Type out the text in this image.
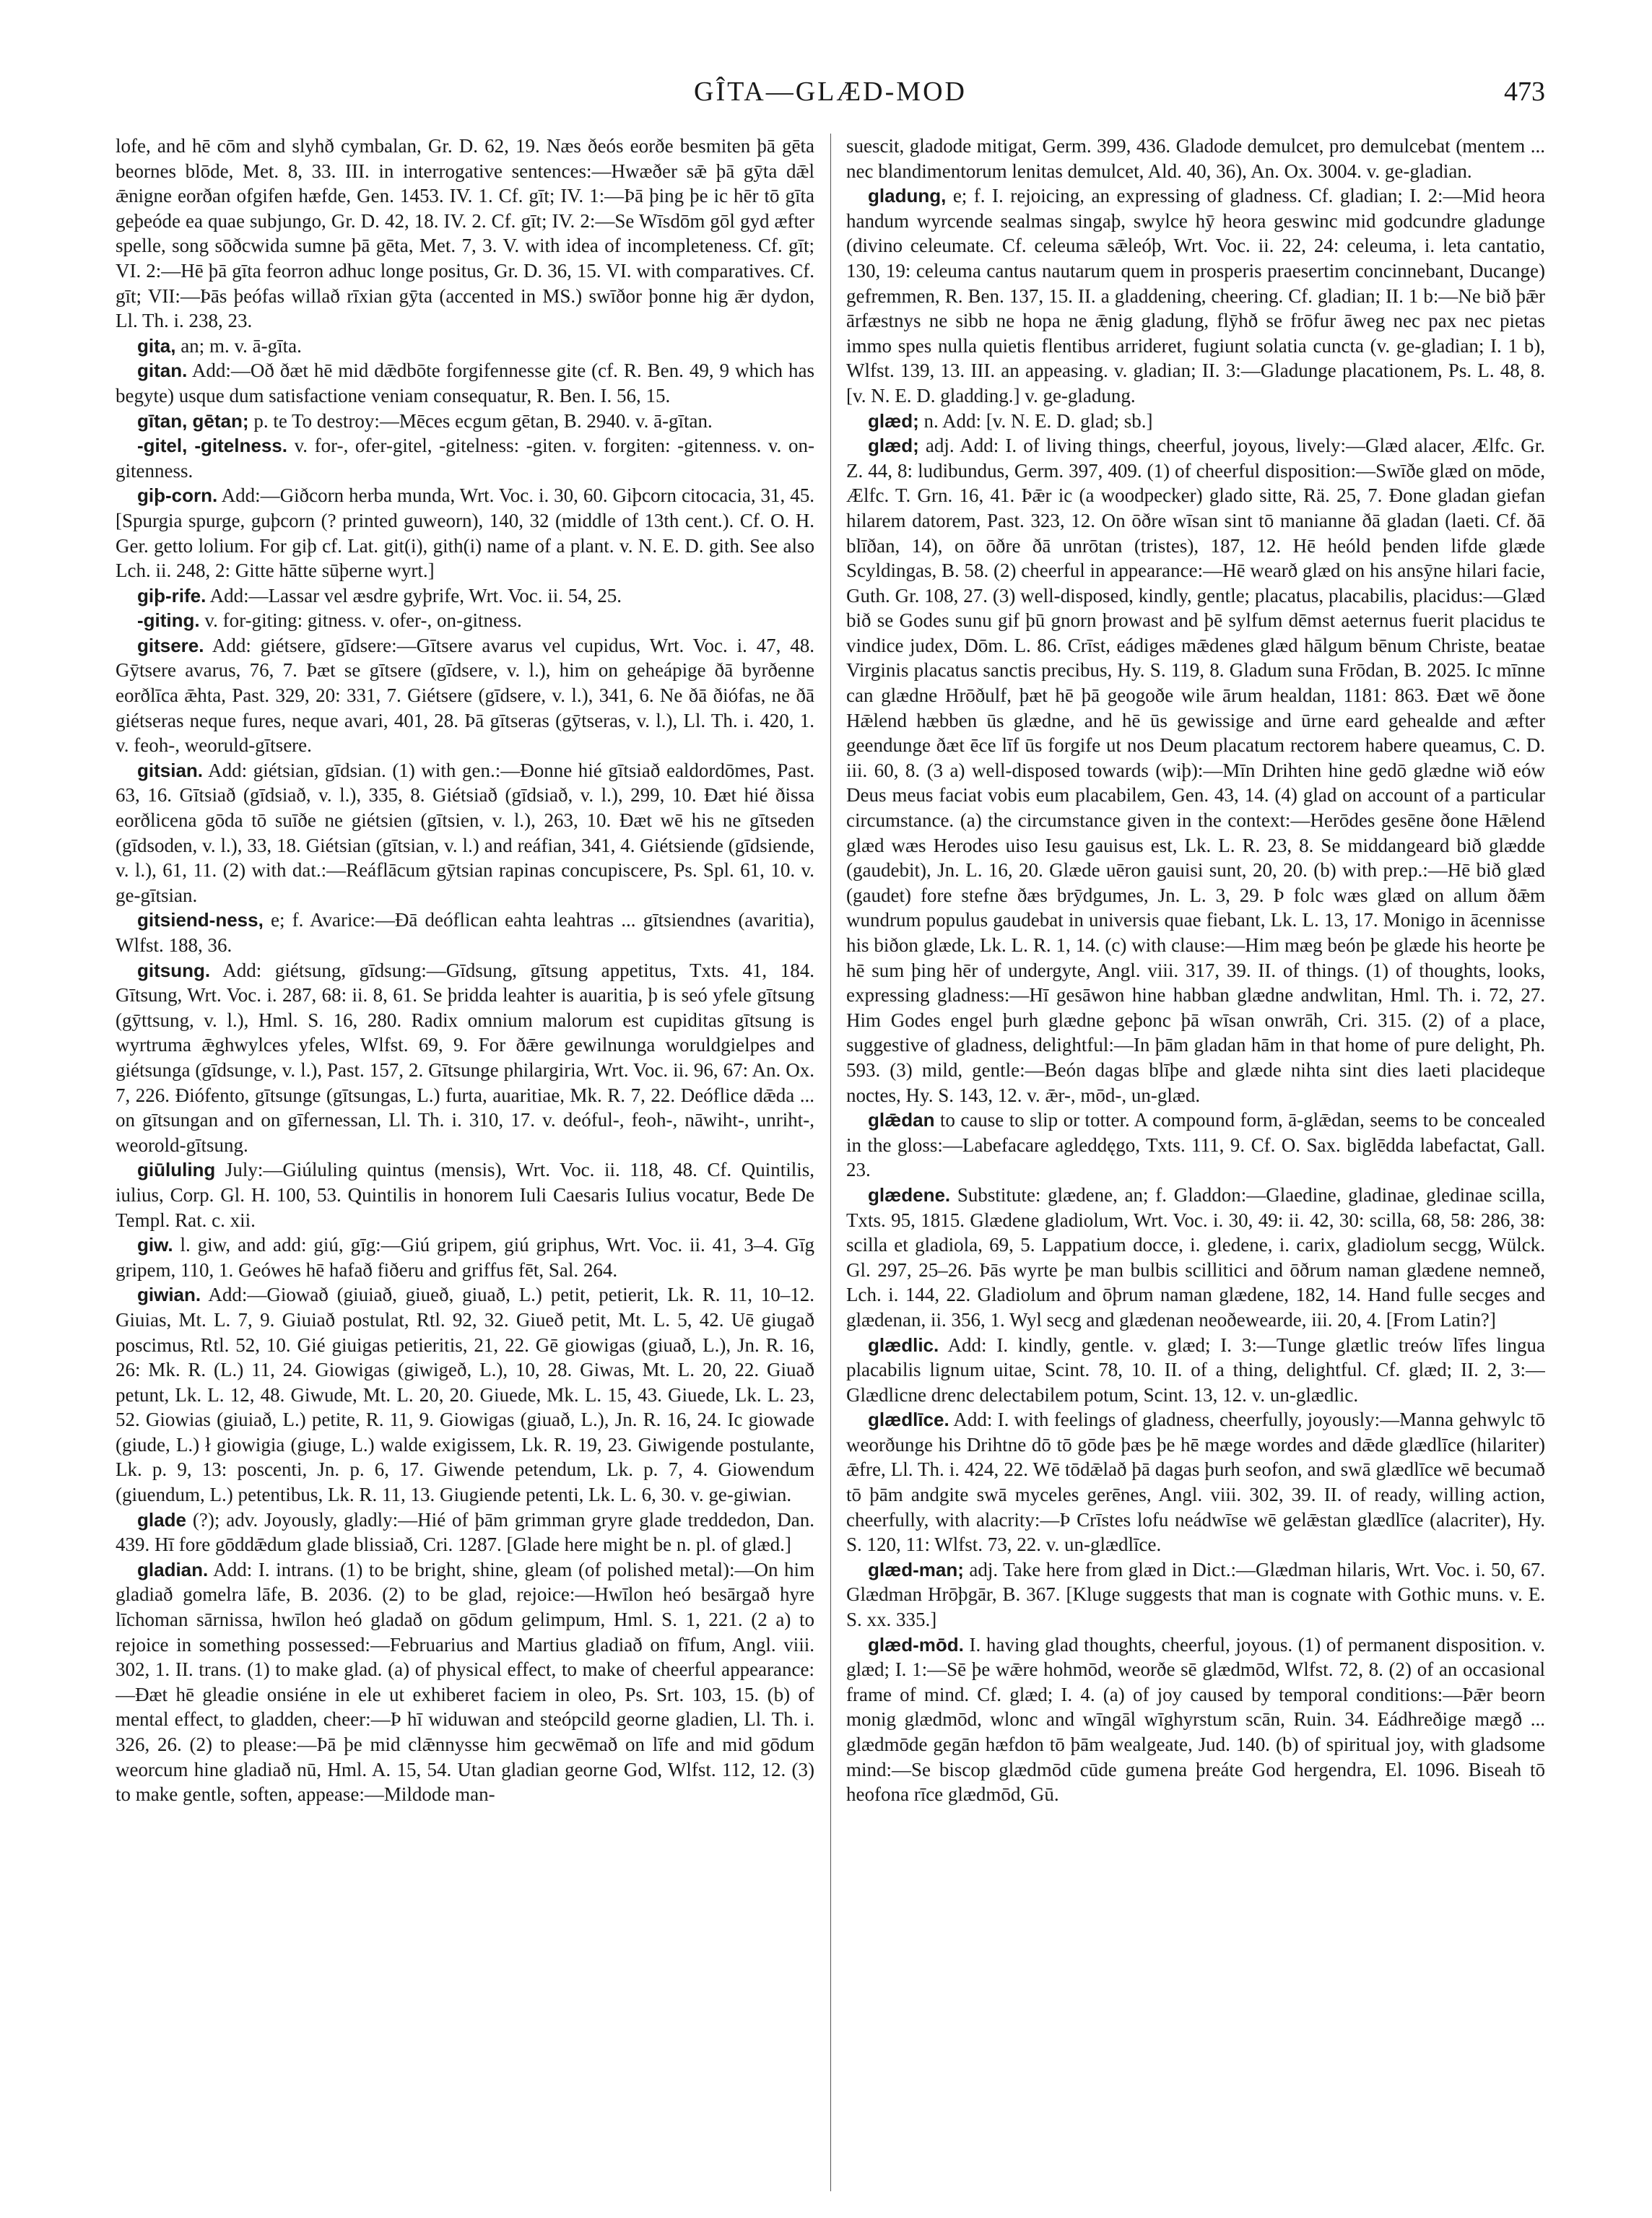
GÎTA—GLÆD-MOD	473

lofe, and hē cōm and slyhð cymbalan, Gr. D. 62, 19. Næs ðeós eorðe besmiten þā gēta beornes blōde, Met. 8, 33. III. in interrogative sentences:—Hwæðer sǣ þā gȳta dǣl ǣnigne eorðan ofgifen hæfde, Gen. 1453. IV. 1. Cf. gīt; IV. 1:—Þā þing þe ic hēr tō gīta geþeóde ea quae subjungo, Gr. D. 42, 18. IV. 2. Cf. gīt; IV. 2:—Se Wīsdōm gōl gyd æfter spelle, song sōðcwida sumne þā gēta, Met. 7, 3. V. with idea of incompleteness. Cf. gīt; VI. 2:—Hē þā gīta feorron adhuc longe positus, Gr. D. 36, 15. VI. with comparatives. Cf. gīt; VII:—Þās þeófas willað rīxian gȳta (accented in MS.) swīðor þonne hig ǣr dydon, Ll. Th. i. 238, 23.

gita, an; m. v. ā-gīta.

gitan. Add:—Oð ðæt hē mid dǣdbōte forgifennesse gite (cf. R. Ben. 49, 9 which has begyte) usque dum satisfactione veniam consequatur, R. Ben. I. 56, 15.

gītan, gētan; p. te To destroy:—Mēces ecgum gētan, B. 2940. v. ā-gītan.

-gitel, -gitelness. v. for-, ofer-gitel, -gitelness: -giten. v. forgiten: -gitenness. v. on-gitenness.

giþ-corn. Add:—Giðcorn herba munda, Wrt. Voc. i. 30, 60. Giþcorn citocacia, 31, 45. [Spurgia spurge, guþcorn (? printed guweorn), 140, 32 (middle of 13th cent.). Cf. O. H. Ger. getto lolium. For giþ cf. Lat. git(i), gith(i) name of a plant. v. N. E. D. gith. See also Lch. ii. 248, 2: Gitte hātte sūþerne wyrt.]

giþ-rife. Add:—Lassar vel æsdre gyþrife, Wrt. Voc. ii. 54, 25.

-giting. v. for-giting: gitness. v. ofer-, on-gitness.

gitsere. Add: giétsere, gīdsere:—Gītsere avarus vel cupidus, Wrt. Voc. i. 47, 48. Gȳtsere avarus, 76, 7. Þæt se gītsere (gīdsere, v. l.), him on geheápige ðā byrðenne eorðlīca ǣhta, Past. 329, 20: 331, 7. Giétsere (gīdsere, v. l.), 341, 6. Ne ðā ðiófas, ne ðā giétseras neque fures, neque avari, 401, 28. Þā gītseras (gȳtseras, v. l.), Ll. Th. i. 420, 1. v. feoh-, weoruld-gītsere.

gitsian. Add: giétsian, gīdsian. (1) with gen.:—Ðonne hié gītsiað ealdordōmes, Past. 63, 16. Gītsiað (gīdsiað, v. l.), 335, 8. Giétsiað (gīdsiað, v. l.), 299, 10. Ðæt hié ðissa eorðlicena gōda tō suīðe ne giétsien (gītsien, v. l.), 263, 10. Ðæt wē his ne gītseden (gīdsoden, v. l.), 33, 18. Giétsian (gītsian, v. l.) and reáfian, 341, 4. Giétsiende (gīdsiende, v. l.), 61, 11. (2) with dat.:—Reáflācum gȳtsian rapinas concupiscere, Ps. Spl. 61, 10. v. ge-gītsian.

gitsiend-ness, e; f. Avarice:—Ðā deóflican eahta leahtras ... gītsiendnes (avaritia), Wlfst. 188, 36.

gitsung. Add: giétsung, gīdsung:—Gīdsung, gītsung appetitus, Txts. 41, 184. Gītsung, Wrt. Voc. i. 287, 68: ii. 8, 61. Se þridda leahter is auaritia, þ is seó yfele gītsung (gȳttsung, v. l.), Hml. S. 16, 280. Radix omnium malorum est cupiditas gītsung is wyrtruma ǣghwylces yfeles, Wlfst. 69, 9. For ðǣre gewilnunga woruldgielpes and giétsunga (gīdsunge, v. l.), Past. 157, 2. Gītsunge philargiria, Wrt. Voc. ii. 96, 67: An. Ox. 7, 226. Ðiófento, gītsunge (gītsungas, L.) furta, auaritiae, Mk. R. 7, 22. Deóflice dǣda ... on gītsungan and on gīfernessan, Ll. Th. i. 310, 17. v. deóful-, feoh-, nāwiht-, unriht-, weorold-gītsung.

giūluling July:—Giúluling quintus (mensis), Wrt. Voc. ii. 118, 48. Cf. Quintilis, iulius, Corp. Gl. H. 100, 53. Quintilis in honorem Iuli Caesaris Iulius vocatur, Bede De Templ. Rat. c. xii.

giw. l. giw, and add: giú, gīg:—Giú gripem, giú griphus, Wrt. Voc. ii. 41, 3–4. Gīg gripem, 110, 1. Geówes hē hafað fiðeru and griffus fēt, Sal. 264.

giwian. Add:—Giowað (giuiað, giueð, giuað, L.) petit, petierit, Lk. R. 11, 10–12. Giuias, Mt. L. 7, 9. Giuiað postulat, Rtl. 92, 32. Giueð petit, Mt. L. 5, 42. Uē giugað poscimus, Rtl. 52, 10. Gié giuigas petieritis, 21, 22. Gē giowigas (giuað, L.), Jn. R. 16, 26: Mk. R. (L.) 11, 24. Giowigas (giwigeð, L.), 10, 28. Giwas, Mt. L. 20, 22. Giuað petunt, Lk. L. 12, 48. Giwude, Mt. L. 20, 20. Giuede, Mk. L. 15, 43. Giuede, Lk. L. 23, 52. Giowias (giuiað, L.) petite, R. 11, 9. Giowigas (giuað, L.), Jn. R. 16, 24. Ic giowade (giude, L.) ł giowigia (giuge, L.) walde exigissem, Lk. R. 19, 23. Giwigende postulante, Lk. p. 9, 13: poscenti, Jn. p. 6, 17. Giwende petendum, Lk. p. 7, 4. Giowendum (giuendum, L.) petentibus, Lk. R. 11, 13. Giugiende petenti, Lk. L. 6, 30. v. ge-giwian.

glade (?); adv. Joyously, gladly:—Hié of þām grimman gryre glade treddedon, Dan. 439. Hī fore gōddǣdum glade blissiað, Cri. 1287. [Glade here might be n. pl. of glæd.]

gladian. Add: I. intrans. (1) to be bright, shine, gleam (of polished metal):—On him gladiað gomelra lāfe, B. 2036. (2) to be glad, rejoice:—Hwīlon heó besārgað hyre līchoman sārnissa, hwīlon heó gladað on gōdum gelimpum, Hml. S. 1, 221. (2 a) to rejoice in something possessed:—Februarius and Martius gladiað on fīfum, Angl. viii. 302, 1. II. trans. (1) to make glad. (a) of physical effect, to make of cheerful appearance:—Ðæt hē gleadie onsiéne in ele ut exhiberet faciem in oleo, Ps. Srt. 103, 15. (b) of mental effect, to gladden, cheer:—Þ hī widuwan and steópcild georne gladien, Ll. Th. i. 326, 26. (2) to please:—Þā þe mid clǣnnysse him gecwēmað on līfe and mid gōdum weorcum hine gladiað nū, Hml. A. 15, 54. Utan gladian georne God, Wlfst. 112, 12. (3) to make gentle, soften, appease:—Mildode man-

suescit, gladode mitigat, Germ. 399, 436. Gladode demulcet, pro demulcebat (mentem ... nec blandimentorum lenitas demulcet, Ald. 40, 36), An. Ox. 3004. v. ge-gladian.

gladung, e; f. I. rejoicing, an expressing of gladness. Cf. gladian; I. 2:—Mid heora handum wyrcende sealmas singaþ, swylce hȳ heora geswinc mid godcundre gladunge (divino celeumate. Cf. celeuma sǣleóþ, Wrt. Voc. ii. 22, 24: celeuma, i. leta cantatio, 130, 19: celeuma cantus nautarum quem in prosperis praesertim concinnebant, Ducange) gefremmen, R. Ben. 137, 15. II. a gladdening, cheering. Cf. gladian; II. 1 b:—Ne bið þǣr ārfæstnys ne sibb ne hopa ne ǣnig gladung, flȳhð se frōfur āweg nec pax nec pietas immo spes nulla quietis flentibus arrideret, fugiunt solatia cuncta (v. ge-gladian; I. 1 b), Wlfst. 139, 13. III. an appeasing. v. gladian; II. 3:—Gladunge placationem, Ps. L. 48, 8. [v. N. E. D. gladding.] v. ge-gladung.

glæd; n. Add: [v. N. E. D. glad; sb.]

glæd; adj. Add: I. of living things, cheerful, joyous, lively:—Glæd alacer, Ælfc. Gr. Z. 44, 8: ludibundus, Germ. 397, 409. (1) of cheerful disposition:—Swīðe glæd on mōde, Ælfc. T. Grn. 16, 41. Þǣr ic (a woodpecker) glado sitte, Rä. 25, 7. Ðone gladan giefan hilarem datorem, Past. 323, 12. On ōðre wīsan sint tō manianne ðā gladan (laeti. Cf. ðā blīðan, 14), on ōðre ðā unrōtan (tristes), 187, 12. Hē heóld þenden lifde glæde Scyldingas, B. 58. (2) cheerful in appearance:—Hē wearð glæd on his ansȳne hilari facie, Guth. Gr. 108, 27. (3) well-disposed, kindly, gentle; placatus, placabilis, placidus:—Glæd bið se Godes sunu gif þū gnorn þrowast and þē sylfum dēmst aeternus fuerit placidus te vindice judex, Dōm. L. 86. Crīst, eádiges mǣdenes glæd hālgum bēnum Christe, beatae Virginis placatus sanctis precibus, Hy. S. 119, 8. Gladum suna Frōdan, B. 2025. Ic mīnne can glædne Hrōðulf, þæt hē þā geogoðe wile ārum healdan, 1181: 863. Ðæt wē ðone Hǣlend hæbben ūs glædne, and hē ūs gewissige and ūrne eard gehealde and æfter geendunge ðæt ēce līf ūs forgife ut nos Deum placatum rectorem habere queamus, C. D. iii. 60, 8. (3 a) well-disposed towards (wiþ):—Mīn Drihten hine gedō glædne wið eów Deus meus faciat vobis eum placabilem, Gen. 43, 14. (4) glad on account of a particular circumstance. (a) the circumstance given in the context:—Herōdes gesēne ðone Hǣlend glæd wæs Herodes uiso Iesu gauisus est, Lk. L. R. 23, 8. Se middangeard bið glædde (gaudebit), Jn. L. 16, 20. Glæde uēron gauisi sunt, 20, 20. (b) with prep.:—Hē bið glæd (gaudet) fore stefne ðæs brȳdgumes, Jn. L. 3, 29. Þ folc wæs glæd on allum ðǣm wundrum populus gaudebat in universis quae fiebant, Lk. L. 13, 17. Monigo in ācennisse his biðon glæde, Lk. L. R. 1, 14. (c) with clause:—Him mæg beón þe glæde his heorte þe hē sum þing hēr of undergyte, Angl. viii. 317, 39. II. of things. (1) of thoughts, looks, expressing gladness:—Hī gesāwon hine habban glædne andwlitan, Hml. Th. i. 72, 27. Him Godes engel þurh glædne geþonc þā wīsan onwrāh, Cri. 315. (2) of a place, suggestive of gladness, delightful:—In þām gladan hām in that home of pure delight, Ph. 593. (3) mild, gentle:—Beón dagas blīþe and glæde nihta sint dies laeti placideque noctes, Hy. S. 143, 12. v. ǣr-, mōd-, un-glæd.

glǣdan to cause to slip or totter. A compound form, ā-glǣdan, seems to be concealed in the gloss:—Labefacare agleddęgo, Txts. 111, 9. Cf. O. Sax. biglēdda labefactat, Gall. 23.

glædene. Substitute: glædene, an; f. Gladdon:—Glaedine, gladinae, gledinae scilla, Txts. 95, 1815. Glædene gladiolum, Wrt. Voc. i. 30, 49: ii. 42, 30: scilla, 68, 58: 286, 38: scilla et gladiola, 69, 5. Lappatium docce, i. gledene, i. carix, gladiolum secgg, Wülck. Gl. 297, 25–26. Þās wyrte þe man bulbis scillitici and ōðrum naman glædene nemneð, Lch. i. 144, 22. Gladiolum and ōþrum naman glædene, 182, 14. Hand fulle secges and glædenan, ii. 356, 1. Wyl secg and glædenan neoðewearde, iii. 20, 4. [From Latin?]

glædlic. Add: I. kindly, gentle. v. glæd; I. 3:—Tunge glætlic treów līfes lingua placabilis lignum uitae, Scint. 78, 10. II. of a thing, delightful. Cf. glæd; II. 2, 3:—Glædlicne drenc delectabilem potum, Scint. 13, 12. v. un-glædlic.

glædlīce. Add: I. with feelings of gladness, cheerfully, joyously:—Manna gehwylc tō weorðunge his Drihtne dō tō gōde þæs þe hē mæge wordes and dǣde glædlīce (hilariter) ǣfre, Ll. Th. i. 424, 22. Wē tōdǣlað þā dagas þurh seofon, and swā glædlīce wē becumað tō þām andgite swā myceles gerēnes, Angl. viii. 302, 39. II. of ready, willing action, cheerfully, with alacrity:—Þ Crīstes lofu neádwīse wē gelǣstan glædlīce (alacriter), Hy. S. 120, 11: Wlfst. 73, 22. v. un-glædlīce.

glæd-man; adj. Take here from glæd in Dict.:—Glædman hilaris, Wrt. Voc. i. 50, 67. Glædman Hrōþgār, B. 367. [Kluge suggests that man is cognate with Gothic muns. v. E. S. xx. 335.]

glæd-mōd. I. having glad thoughts, cheerful, joyous. (1) of permanent disposition. v. glæd; I. 1:—Sē þe wǣre hohmōd, weorðe sē glædmōd, Wlfst. 72, 8. (2) of an occasional frame of mind. Cf. glæd; I. 4. (a) of joy caused by temporal conditions:—Þǣr beorn monig glædmōd, wlonc and wīngāl wīghyrstum scān, Ruin. 34. Eádhreðige mægð ... glædmōde gegān hæfdon tō þām wealgeate, Jud. 140. (b) of spiritual joy, with gladsome mind:—Se biscop glædmōd cūde gumena þreáte God hergendra, El. 1096. Biseah tō heofona rīce glædmōd, Gū.
